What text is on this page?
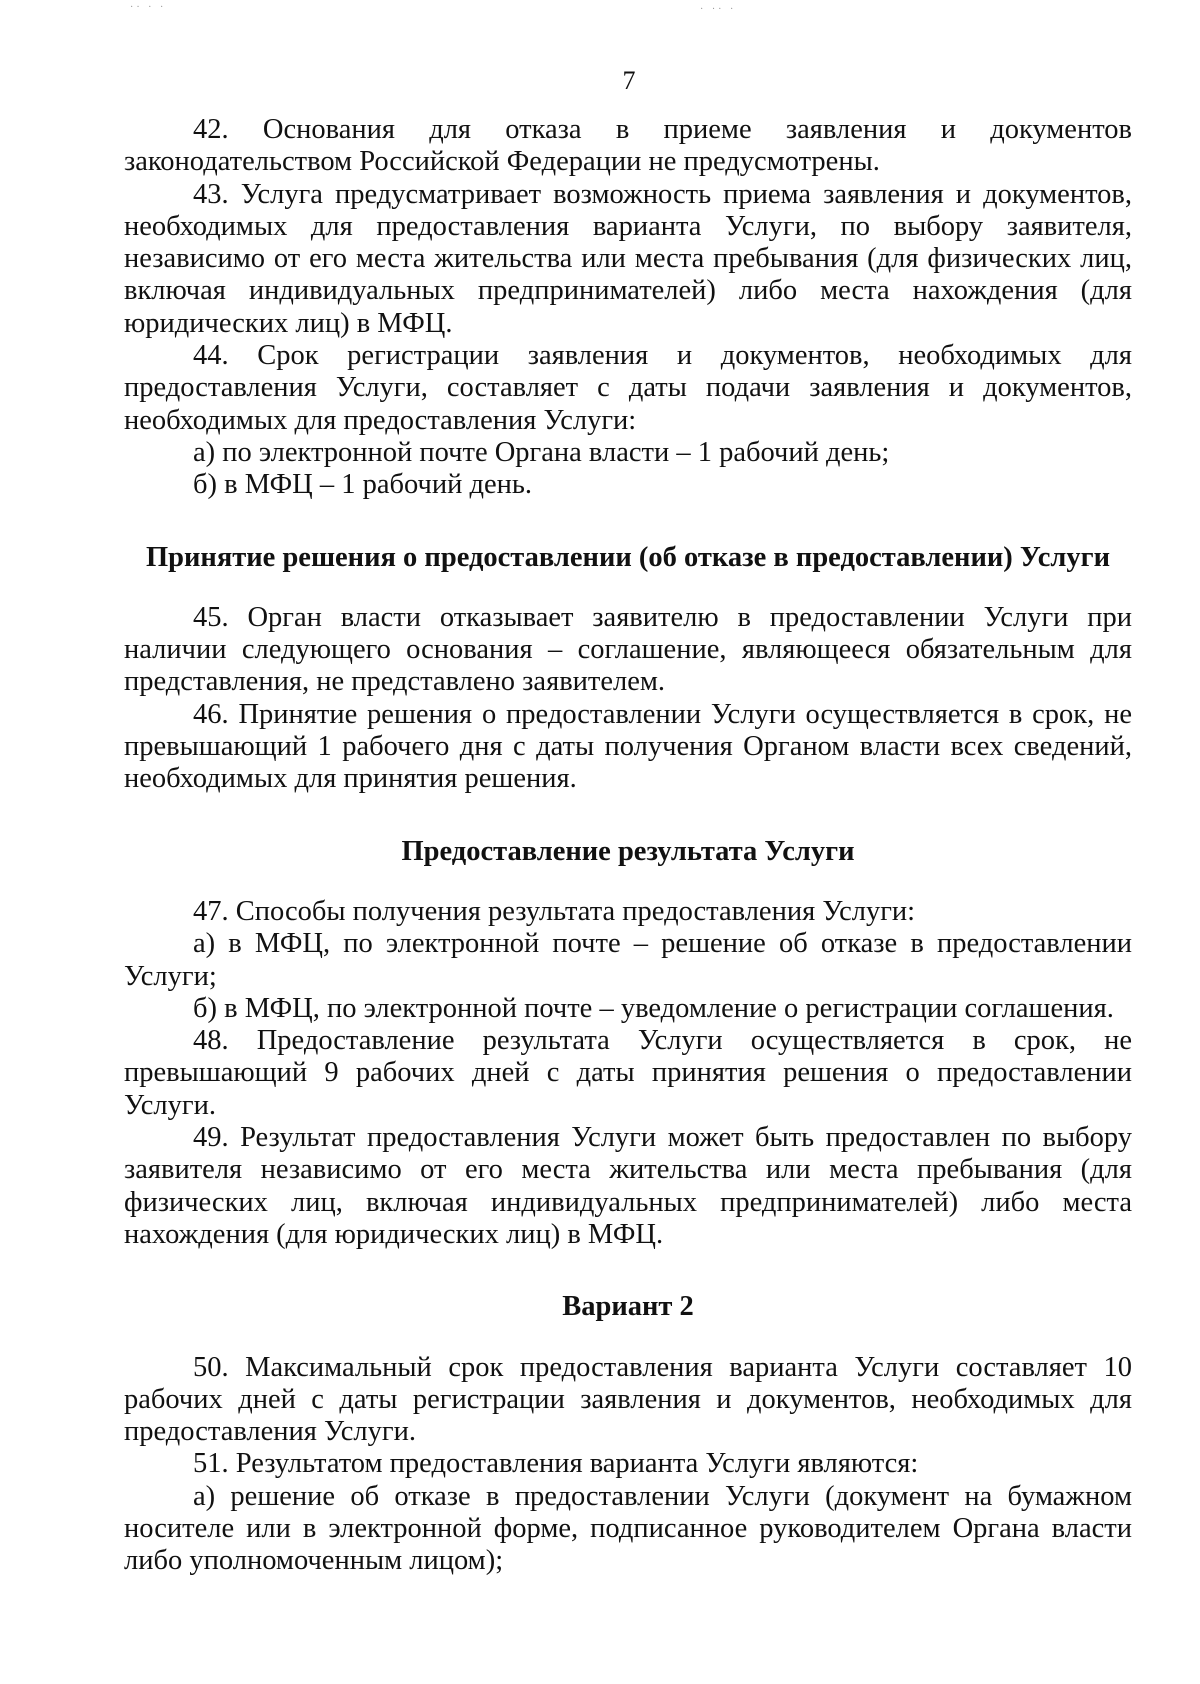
·· · ·	· ·· ·
7

42. Основания для отказа в приеме заявления и документов законодательством Российской Федерации не предусмотрены.

43. Услуга предусматривает возможность приема заявления и документов, необходимых для предоставления варианта Услуги, по выбору заявителя, независимо от его места жительства или места пребывания (для физических лиц, включая индивидуальных предпринимателей) либо места нахождения (для юридических лиц) в МФЦ.

44. Срок регистрации заявления и документов, необходимых для предоставления Услуги, составляет с даты подачи заявления и документов, необходимых для предоставления Услуги:

а) по электронной почте Органа власти – 1 рабочий день;

б) в МФЦ – 1 рабочий день.

Принятие решения о предоставлении (об отказе в предоставлении) Услуги

45. Орган власти отказывает заявителю в предоставлении Услуги при наличии следующего основания – соглашение, являющееся обязательным для представления, не представлено заявителем.

46. Принятие решения о предоставлении Услуги осуществляется в срок, не превышающий 1 рабочего дня с даты получения Органом власти всех сведений, необходимых для принятия решения.

Предоставление результата Услуги

47. Способы получения результата предоставления Услуги:

а) в МФЦ, по электронной почте – решение об отказе в предоставлении Услуги;

б) в МФЦ, по электронной почте – уведомление о регистрации соглашения.

48. Предоставление результата Услуги осуществляется в срок, не превышающий 9 рабочих дней с даты принятия решения о предоставлении Услуги.

49. Результат предоставления Услуги может быть предоставлен по выбору заявителя независимо от его места жительства или места пребывания (для физических лиц, включая индивидуальных предпринимателей) либо места нахождения (для юридических лиц) в МФЦ.

Вариант 2

50. Максимальный срок предоставления варианта Услуги составляет 10 рабочих дней с даты регистрации заявления и документов, необходимых для предоставления Услуги.

51. Результатом предоставления варианта Услуги являются:

а) решение об отказе в предоставлении Услуги (документ на бумажном носителе или в электронной форме, подписанное руководителем Органа власти либо уполномоченным лицом);
